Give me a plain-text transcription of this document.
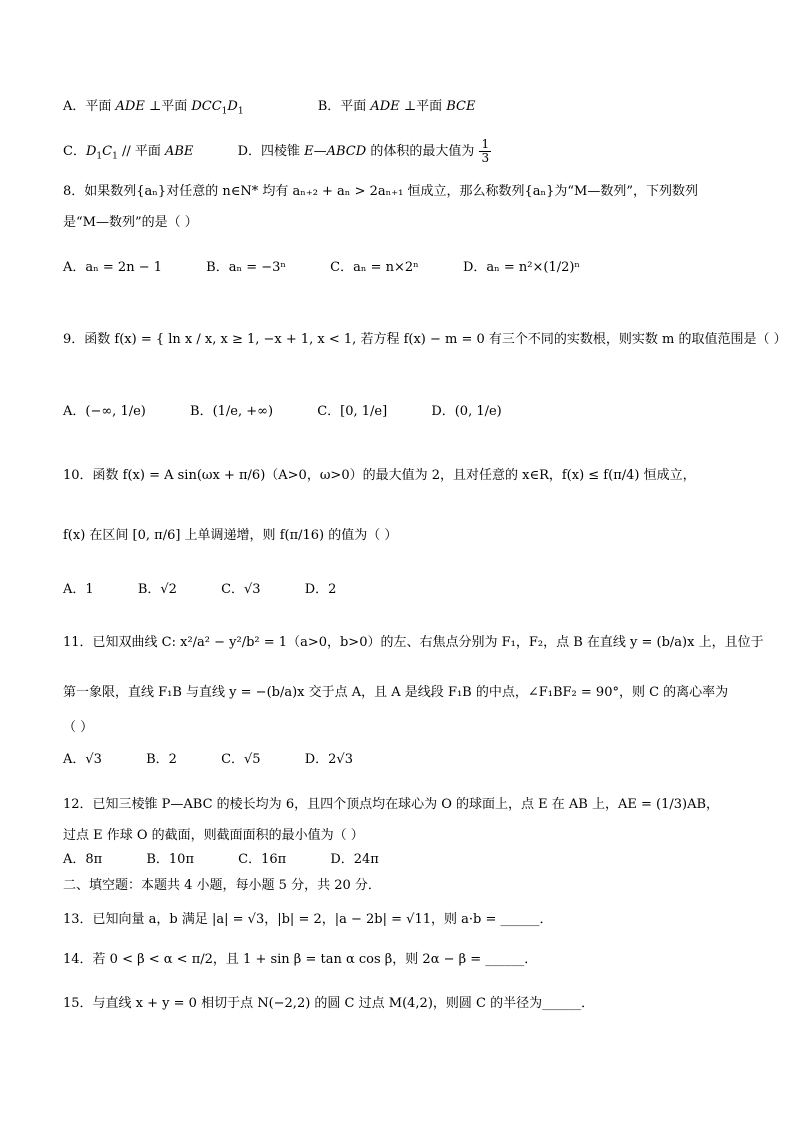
A．平面 ADE ⊥平面 $DCC_1D_1$	B．平面 ADE ⊥平面 BCE
C．$D_1C_1$ // 平面 ABE	D．四棱锥 E—ABCD 的体积的最大值为 $\frac{1}{3}$
8．如果数列{aₙ}对任意的 n∈N* 均有 aₙ₊₂ + aₙ > 2aₙ₊₁ 恒成立，那么称数列{aₙ}为“M—数列”，下列数列
是“M—数列”的是（ ）
A．aₙ = 2n − 1	B．aₙ = −3ⁿ	C．aₙ = n×2ⁿ	D．aₙ = n²×(1/2)ⁿ
9．函数 f(x) = { ln x / x, x ≥ 1, −x + 1, x < 1, 若方程 f(x) − m = 0 有三个不同的实数根，则实数 m 的取值范围是（ ）
A．(−∞, 1/e)	B．(1/e, +∞)	C．[0, 1/e]	D．(0, 1/e)
10．函数 f(x) = A sin(ωx + π/6)（A>0，ω>0）的最大值为 2，且对任意的 x∈R，f(x) ≤ f(π/4) 恒成立，
f(x) 在区间 [0, π/6] 上单调递增，则 f(π/16) 的值为（ ）
A．1	B．√2	C．√3	D．2
11．已知双曲线 C: x²/a² − y²/b² = 1（a>0，b>0）的左、右焦点分别为 F₁，F₂，点 B 在直线 y = (b/a)x 上，且位于
第一象限，直线 F₁B 与直线 y = −(b/a)x 交于点 A，且 A 是线段 F₁B 的中点，∠F₁BF₂ = 90°，则 C 的离心率为
（ ）
A．√3	B．2	C．√5	D．2√3
12．已知三棱锥 P—ABC 的棱长均为 6，且四个顶点均在球心为 O 的球面上，点 E 在 AB 上，AE = (1/3)AB，
过点 E 作球 O 的截面，则截面面积的最小值为（ ）
A．8π	B．10π	C．16π	D．24π
二、填空题：本题共 4 小题，每小题 5 分，共 20 分．
13．已知向量 a，b 满足 |a| = √3，|b| = 2，|a − 2b| = √11，则 a·b = ______．
14．若 0 < β < α < π/2，且 1 + sin β = tan α cos β，则 2α − β = ______．
15．与直线 x + y = 0 相切于点 N(−2,2) 的圆 C 过点 M(4,2)，则圆 C 的半径为______．
